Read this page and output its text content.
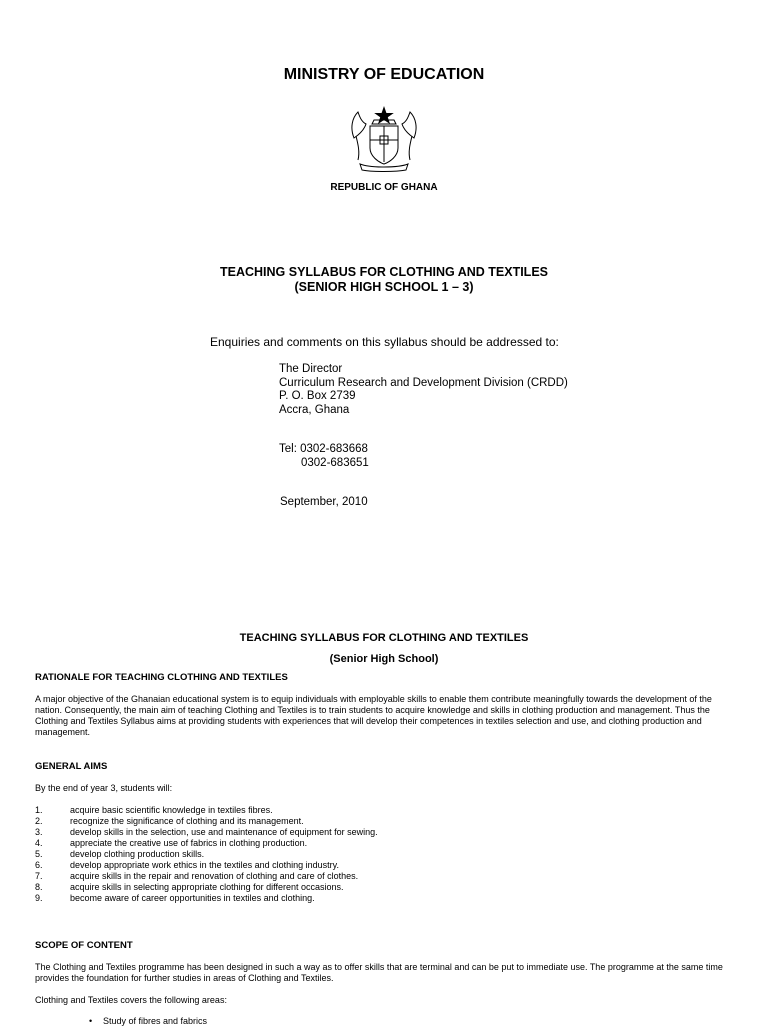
MINISTRY OF EDUCATION
REPUBLIC OF GHANA
TEACHING SYLLABUS FOR CLOTHING AND TEXTILES
(SENIOR HIGH SCHOOL 1 – 3)
Enquiries and comments on this syllabus should be addressed to:
The Director
Curriculum Research and Development Division (CRDD)
P. O. Box 2739
Accra, Ghana
Tel: 0302-683668
0302-683651
September, 2010
TEACHING SYLLABUS FOR CLOTHING AND TEXTILES
(Senior High School)
RATIONALE FOR TEACHING CLOTHING AND TEXTILES
A major objective of the Ghanaian educational system is to equip individuals with employable skills to enable them contribute meaningfully towards the development of the nation. Consequently, the main aim of teaching Clothing and Textiles is to train students to acquire knowledge and skills in clothing production and management. Thus the Clothing and Textiles Syllabus aims at providing students with experiences that will develop their competences in textiles selection and use, and clothing production and management.
GENERAL AIMS
By the end of year 3, students will:
1.	acquire basic scientific knowledge in textiles fibres.
2.	recognize the significance of clothing and its management.
3.	develop skills in the selection, use and maintenance of equipment for sewing.
4.	appreciate the creative use of fabrics in clothing production.
5.	develop clothing production skills.
6.	develop appropriate work ethics in the textiles and clothing industry.
7.	acquire skills in the repair and renovation of clothing and care of clothes.
8.	acquire skills in selecting appropriate clothing for different occasions.
9.	become aware of career opportunities in textiles and clothing.
SCOPE OF CONTENT
The Clothing and Textiles programme has been designed in such a way as to offer skills that are terminal and can be put to immediate use. The programme at the same time provides the foundation for further studies in areas of Clothing and Textiles.
Clothing and Textiles covers the following areas:
• Study of fibres and fabrics
